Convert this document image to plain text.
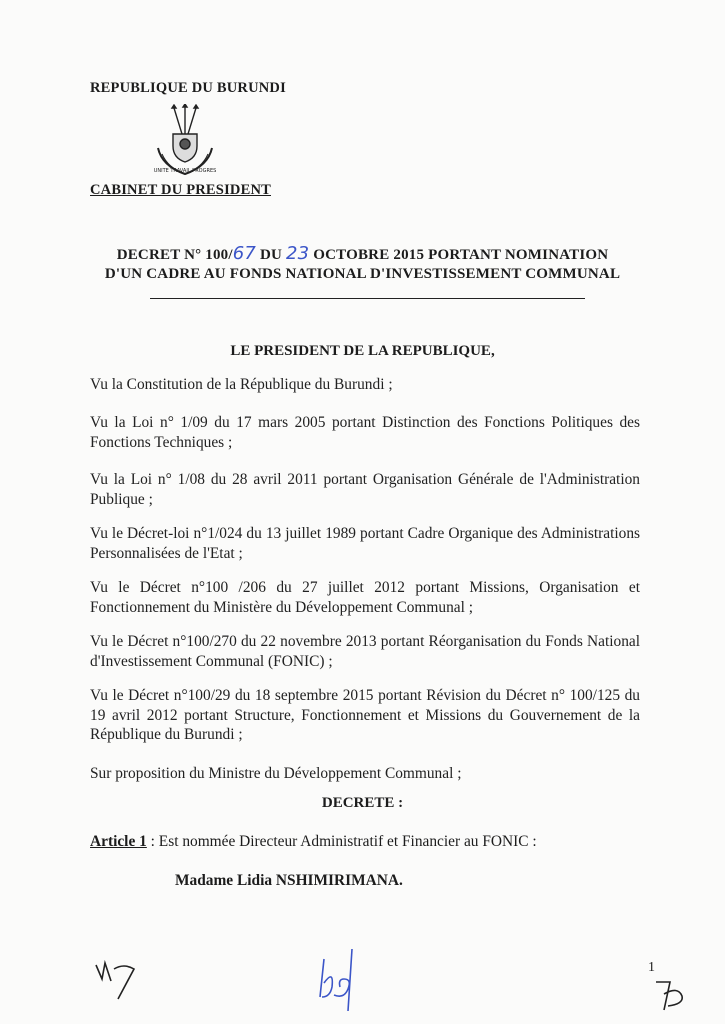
REPUBLIQUE DU BURUNDI
UNITE TRAVAIL PROGRES
CABINET DU PRESIDENT
DECRET N° 100/67 DU 23 OCTOBRE 2015 PORTANT NOMINATION
D'UN CADRE AU FONDS NATIONAL D'INVESTISSEMENT COMMUNAL
LE PRESIDENT DE LA REPUBLIQUE,
Vu la Constitution de la République du Burundi ;
Vu la Loi n° 1/09 du 17 mars 2005 portant Distinction des Fonctions Politiques des Fonctions Techniques ;
Vu la Loi n° 1/08 du 28 avril 2011 portant Organisation Générale de l'Administration Publique ;
Vu le Décret-loi n°1/024 du 13 juillet 1989 portant Cadre Organique des Administrations Personnalisées de l'Etat ;
Vu le Décret n°100 /206 du 27 juillet 2012 portant Missions, Organisation et Fonctionnement du Ministère du Développement Communal ;
Vu le Décret n°100/270 du 22 novembre 2013 portant Réorganisation du Fonds National d'Investissement Communal (FONIC) ;
Vu le Décret n°100/29 du 18 septembre 2015 portant Révision du Décret n° 100/125 du 19 avril 2012 portant Structure, Fonctionnement et Missions du Gouvernement de la République du Burundi ;
Sur proposition du Ministre du Développement Communal ;
DECRETE :
Article 1 : Est nommée Directeur Administratif et Financier au FONIC :
Madame Lidia NSHIMIRIMANA.
1
